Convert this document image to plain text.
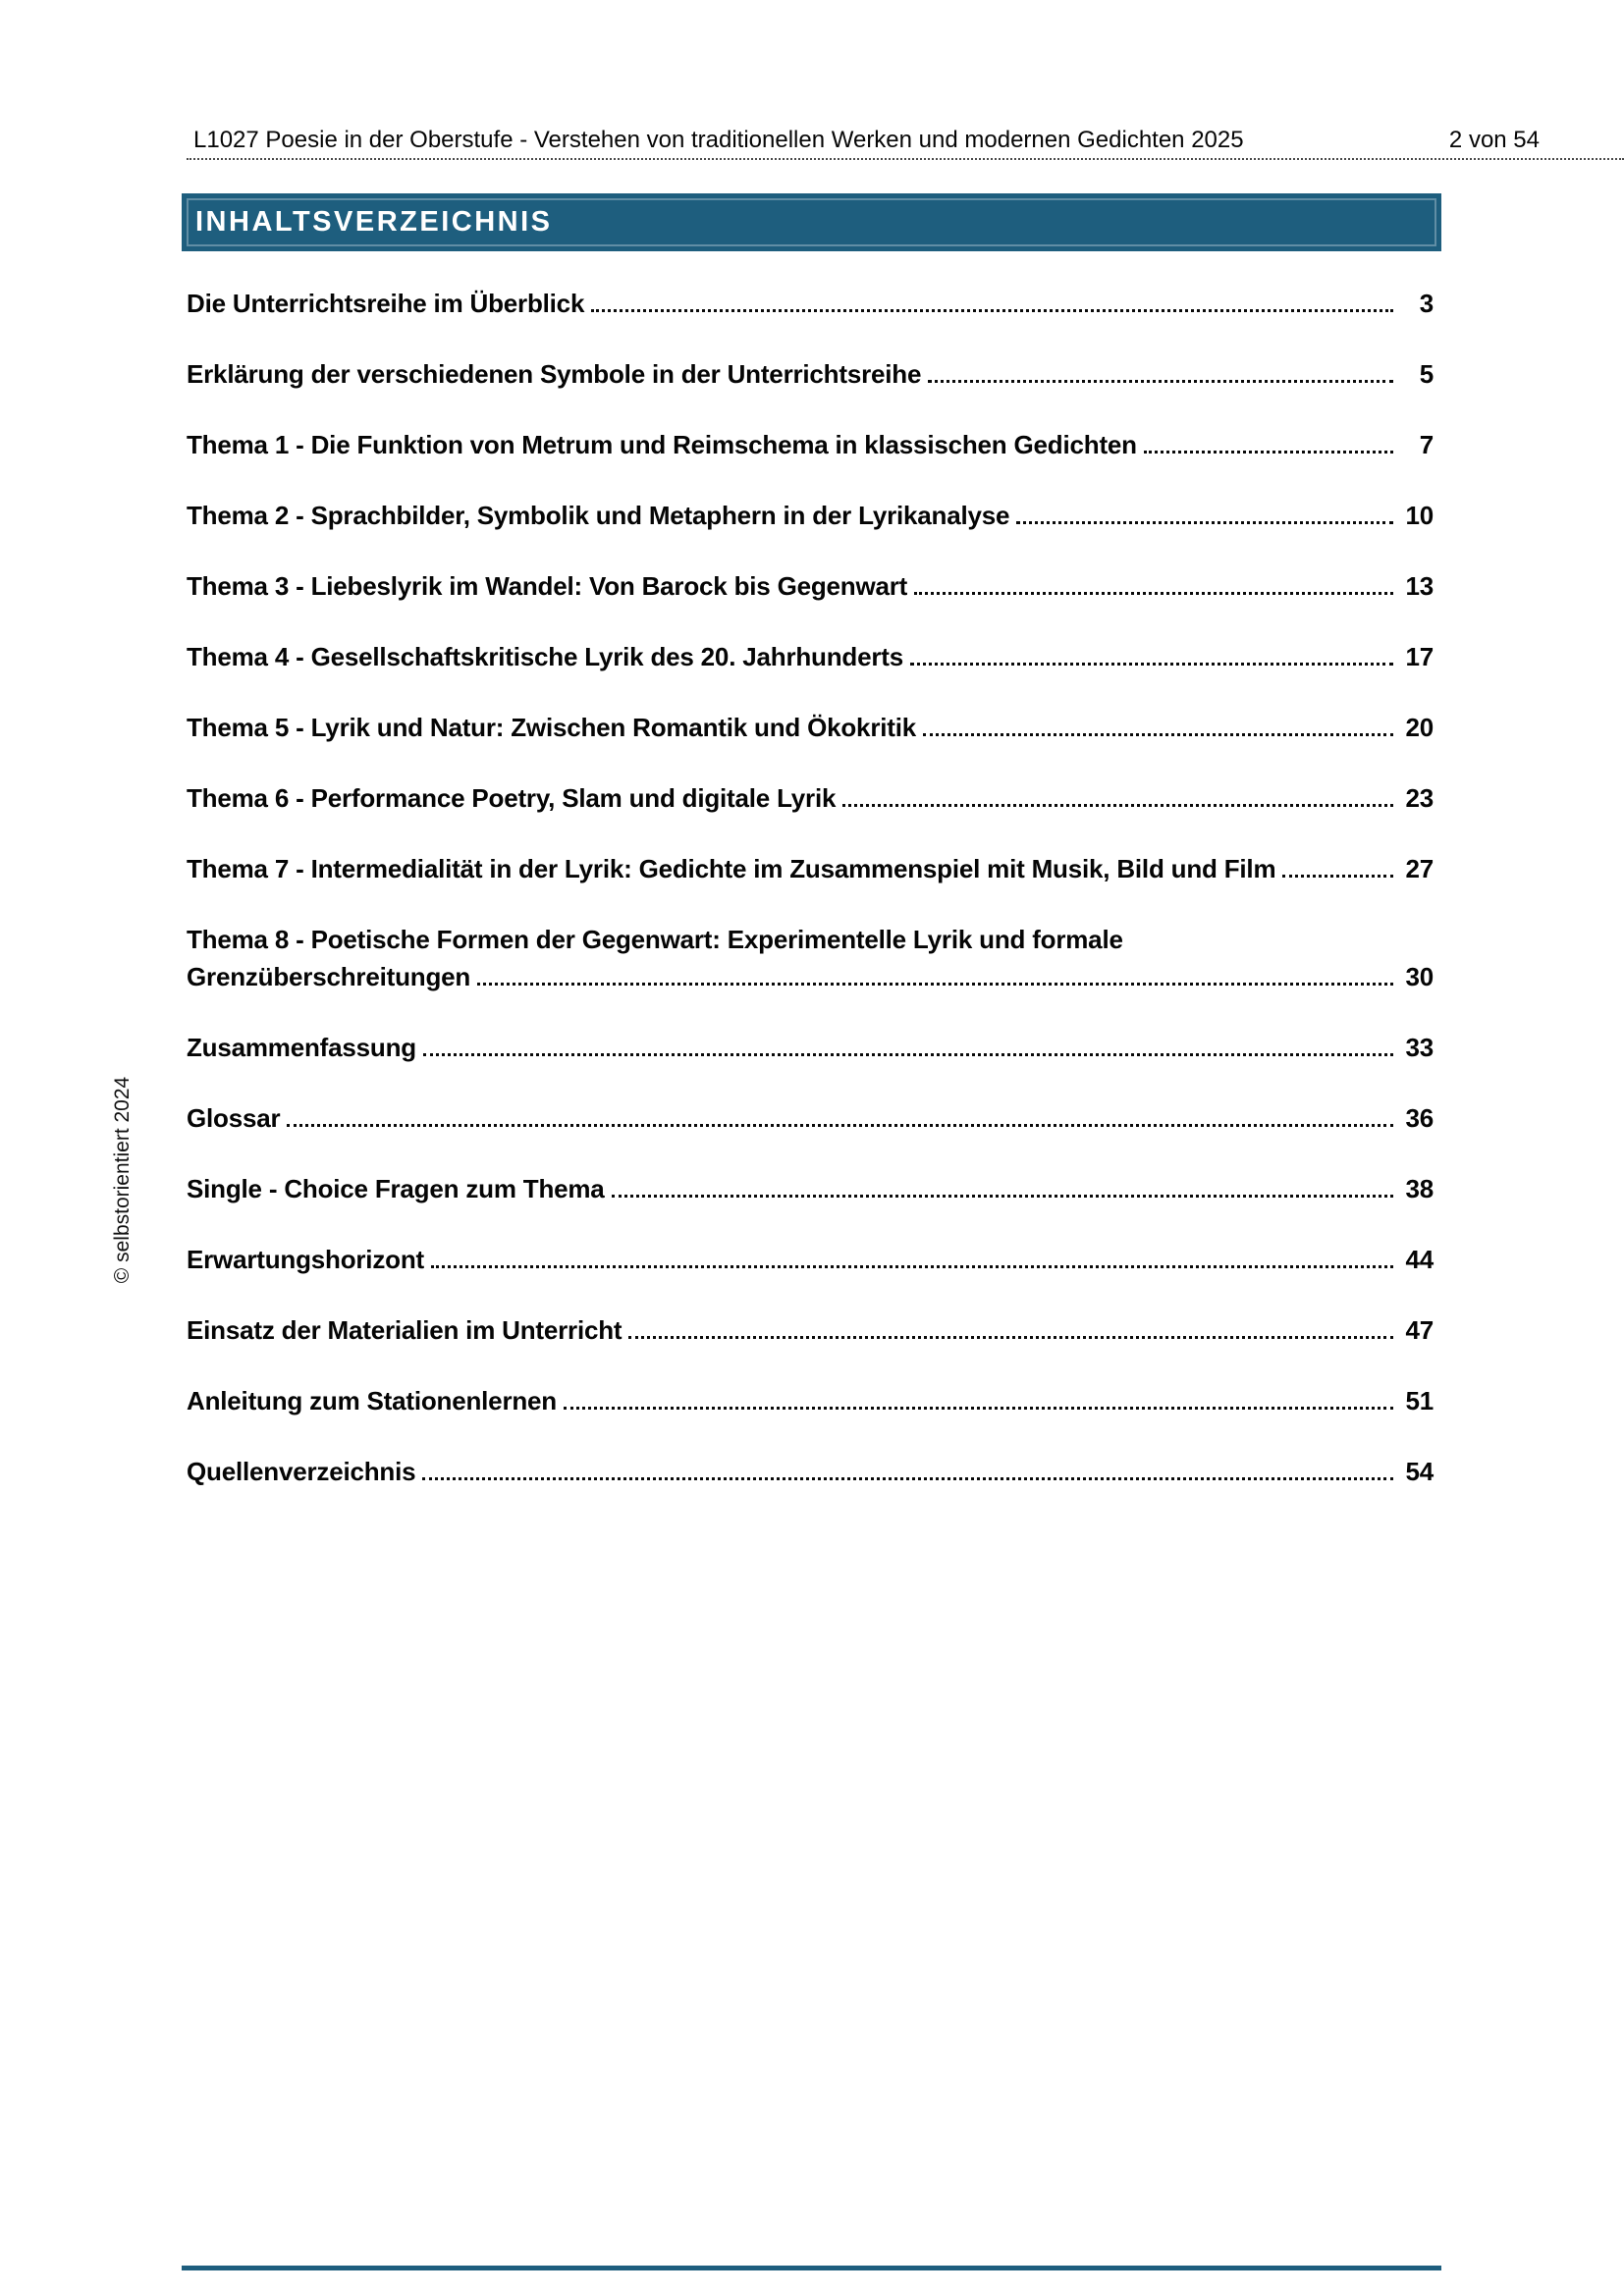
L1027 Poesie in der Oberstufe - Verstehen von traditionellen Werken und modernen Gedichten 2025	2 von 54
INHALTSVERZEICHNIS
Die Unterrichtsreihe im Überblick	3
Erklärung der verschiedenen Symbole in der Unterrichtsreihe	5
Thema 1 - Die Funktion von Metrum und Reimschema in klassischen Gedichten	7
Thema 2 - Sprachbilder, Symbolik und Metaphern in der Lyrikanalyse	10
Thema 3 - Liebeslyrik im Wandel: Von Barock bis Gegenwart	13
Thema 4 - Gesellschaftskritische Lyrik des 20. Jahrhunderts	17
Thema 5 - Lyrik und Natur: Zwischen Romantik und Ökokritik	20
Thema 6 - Performance Poetry, Slam und digitale Lyrik	23
Thema 7 - Intermedialität in der Lyrik: Gedichte im Zusammenspiel mit Musik, Bild und Film	27
Thema 8 - Poetische Formen der Gegenwart: Experimentelle Lyrik und formale
Grenzüberschreitungen	30
Zusammenfassung	33
Glossar	36
Single - Choice Fragen zum Thema	38
Erwartungshorizont	44
Einsatz der Materialien im Unterricht	47
Anleitung zum Stationenlernen	51
Quellenverzeichnis	54
© selbstorientiert 2024
